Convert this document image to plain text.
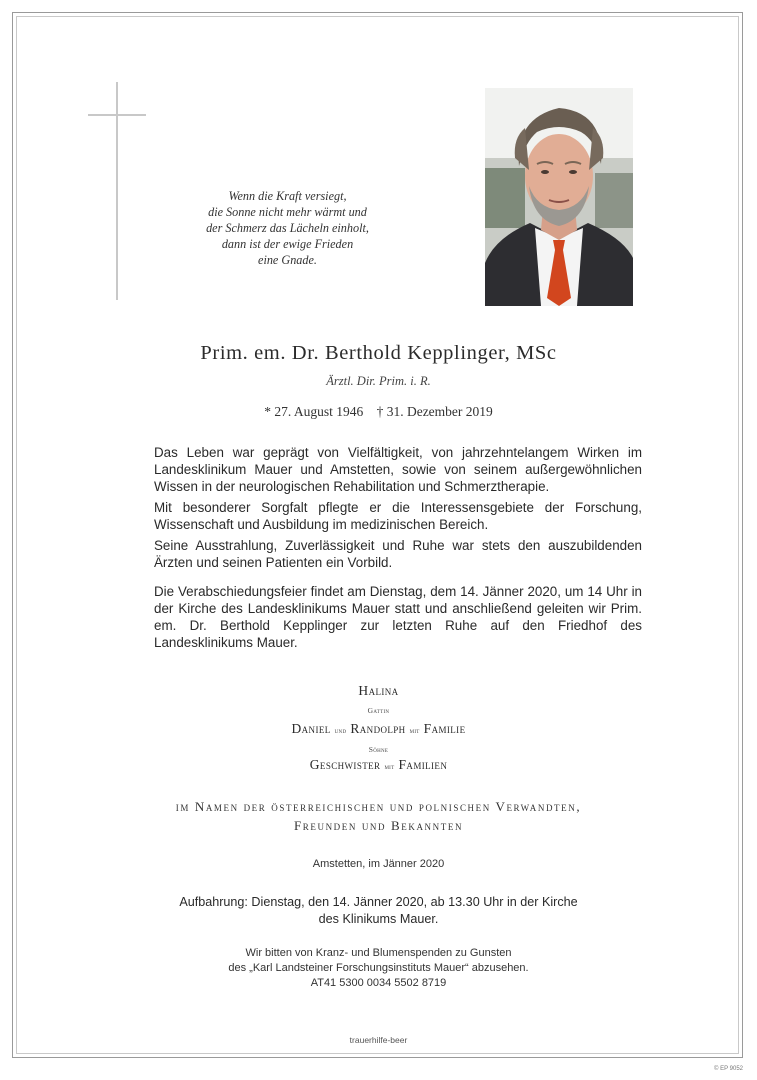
Wenn die Kraft versiegt,
die Sonne nicht mehr wärmt und
der Schmerz das Lächeln einholt,
dann ist der ewige Frieden
eine Gnade.
Prim. em. Dr. Berthold Kepplinger, MSc
Ärztl. Dir. Prim. i. R.
* 27. August 1946 † 31. Dezember 2019

Das Leben war geprägt von Vielfältigkeit, von jahrzehntelangem Wirken im Landesklinikum Mauer und Amstetten, sowie von seinem außergewöhnlichen Wissen in der neurologischen Rehabilitation und Schmerztherapie.

Mit besonderer Sorgfalt pflegte er die Interessensgebiete der Forschung, Wissenschaft und Ausbildung im medizinischen Bereich.

Seine Ausstrahlung, Zuverlässigkeit und Ruhe war stets den auszubildenden Ärzten und seinen Patienten ein Vorbild.

Die Verabschiedungsfeier findet am Dienstag, dem 14. Jänner 2020, um 14 Uhr in der Kirche des Landesklinikums Mauer statt und anschließend geleiten wir Prim. em. Dr. Berthold Kepplinger zur letzten Ruhe auf den Friedhof des Landesklinikums Mauer.

Halina
Gattin
Daniel und Randolph mit Familie
Söhne
Geschwister mit Familien
im Namen der österreichischen und polnischen Verwandten,
Freunden und Bekannten
Amstetten, im Jänner 2020
Aufbahrung: Dienstag, den 14. Jänner 2020, ab 13.30 Uhr in der Kirche
des Klinikums Mauer.
Wir bitten von Kranz- und Blumenspenden zu Gunsten
des „Karl Landsteiner Forschungsinstituts Mauer“ abzusehen.
AT41 5300 0034 5502 8719
trauerhilfe-beer
© EP 9052
